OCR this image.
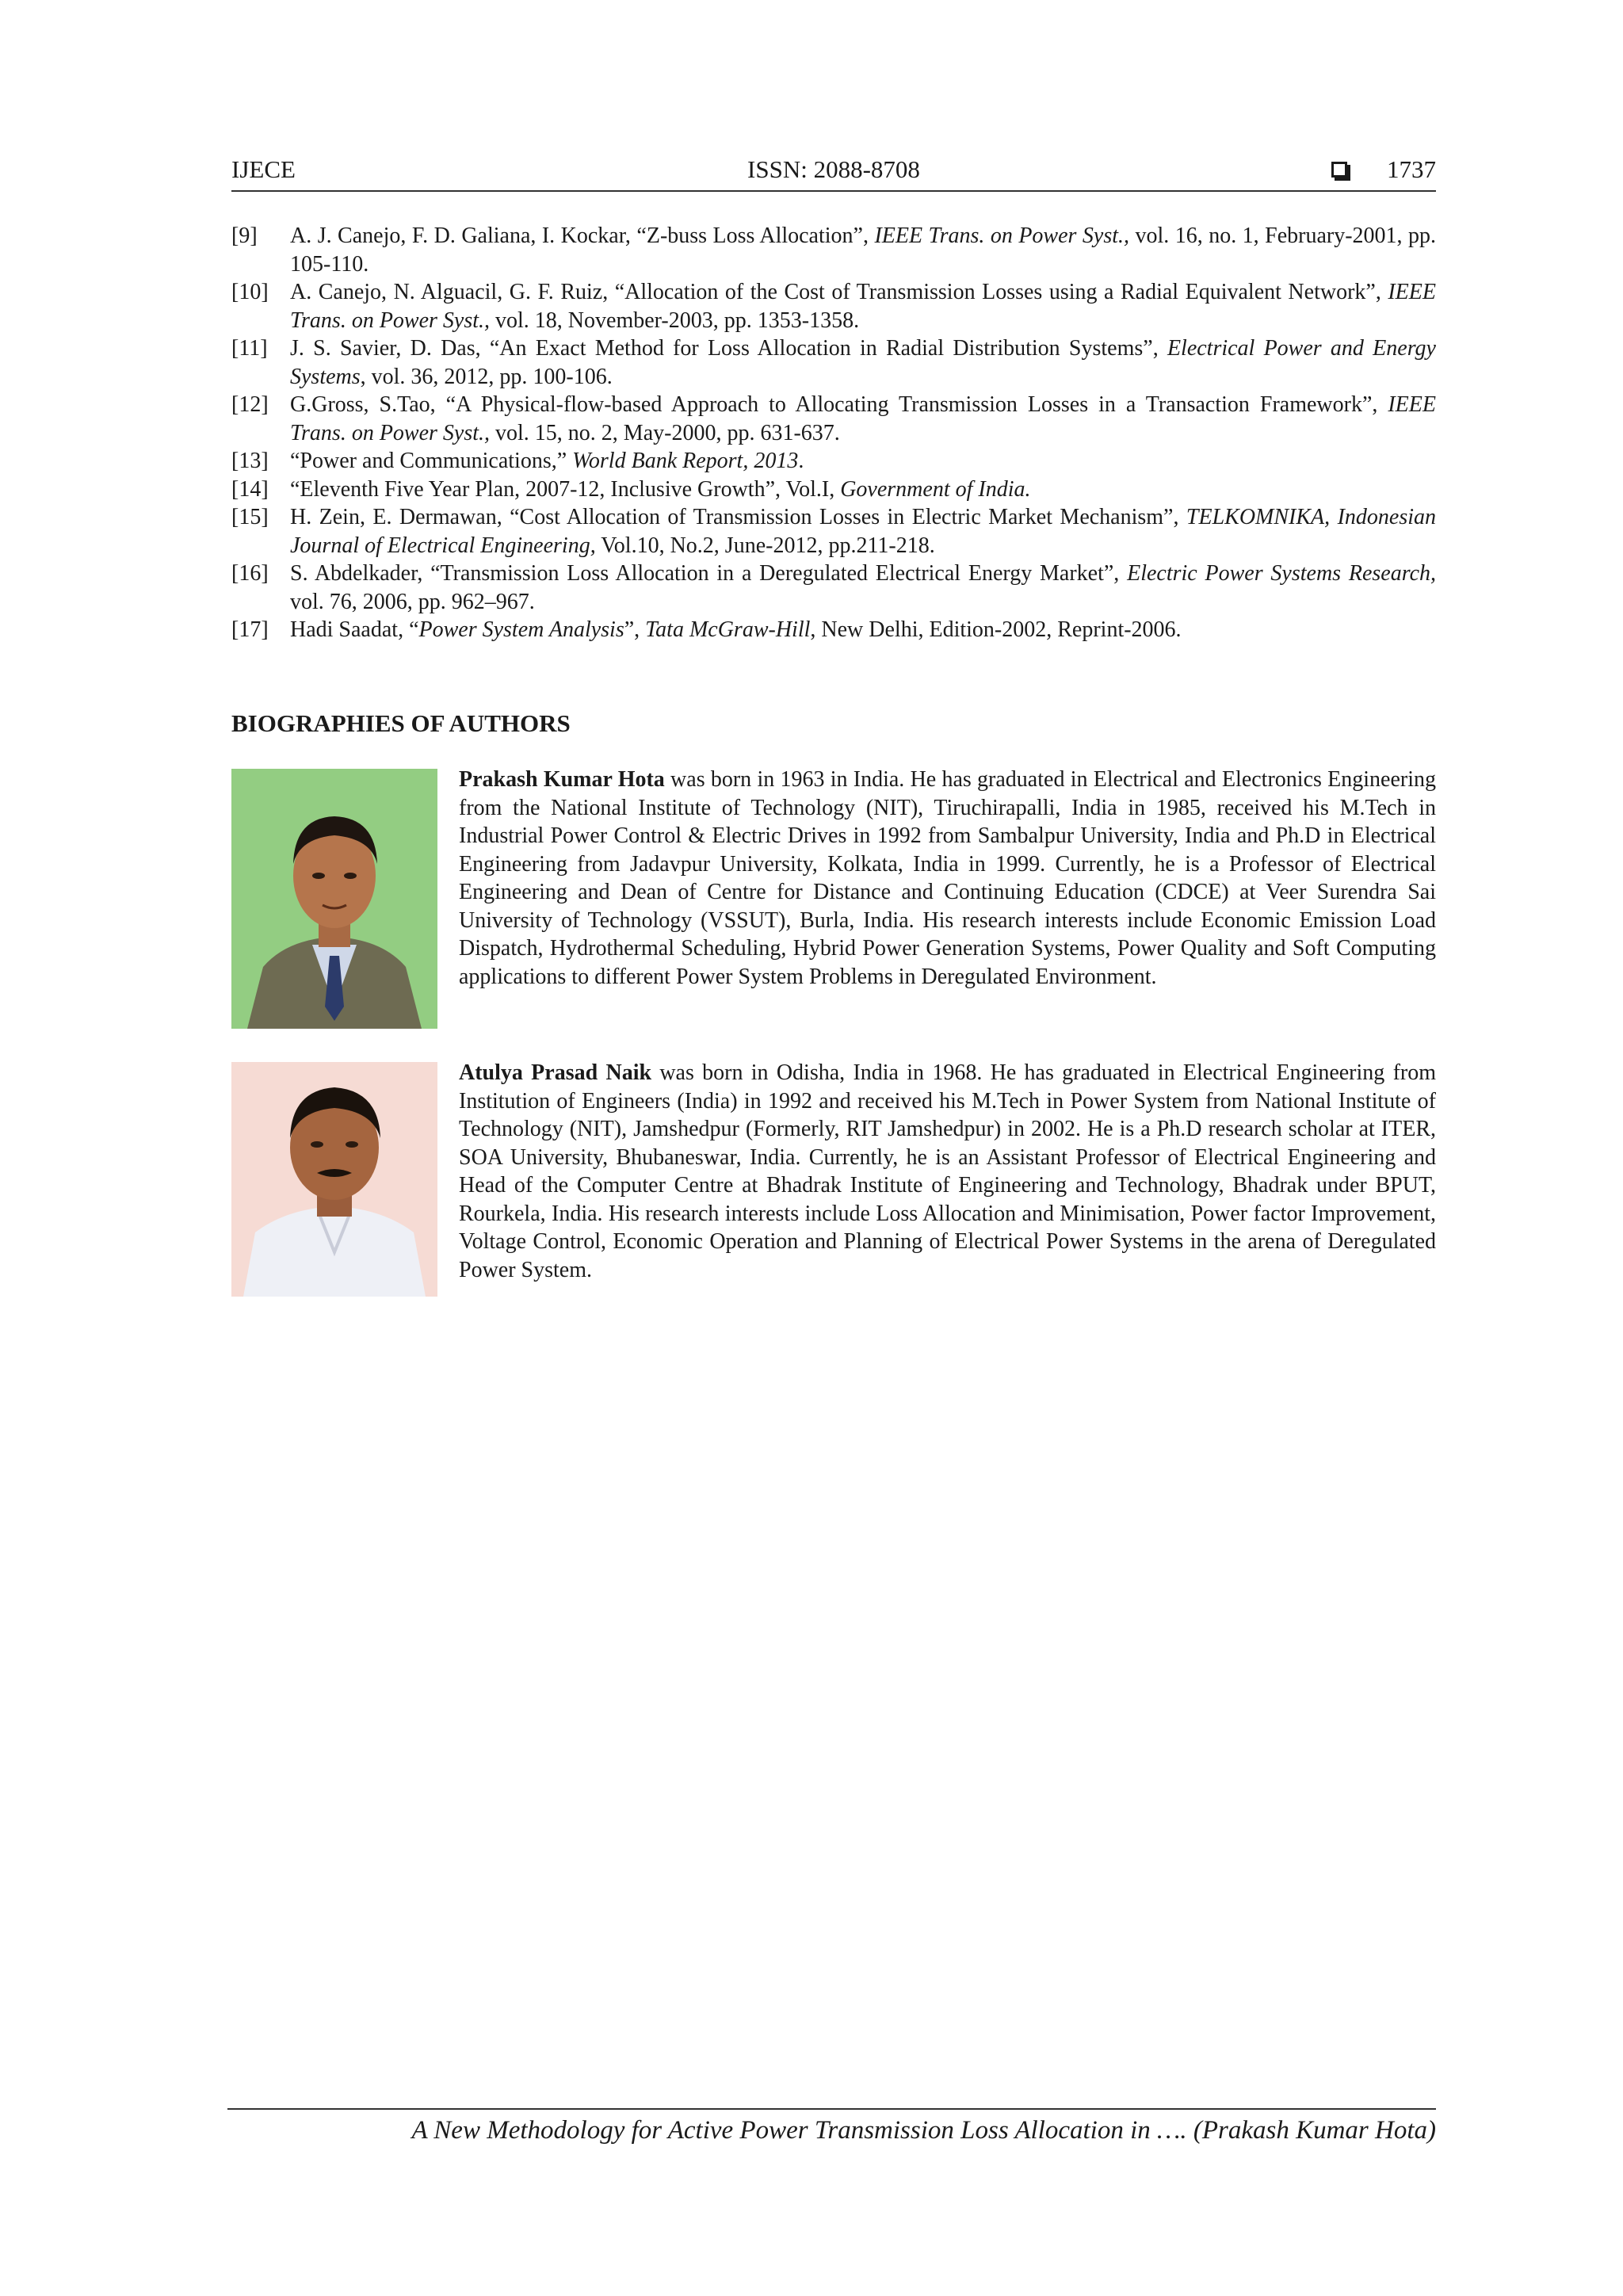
IJECE	ISSN: 2088-8708	1737
[9]	A. J. Canejo, F. D. Galiana, I. Kockar, “Z-buss Loss Allocation”, IEEE Trans. on Power Syst., vol. 16, no. 1, February-2001, pp. 105-110.
[10] A. Canejo, N. Alguacil, G. F. Ruiz, “Allocation of the Cost of Transmission Losses using a Radial Equivalent Network”, IEEE Trans. on Power Syst., vol. 18, November-2003, pp. 1353-1358.
[11]	J. S. Savier, D. Das, “An Exact Method for Loss Allocation in Radial Distribution Systems”, Electrical Power and Energy Systems, vol. 36, 2012, pp. 100-106.
[12] G.Gross, S.Tao, “A Physical-flow-based Approach to Allocating Transmission Losses in a Transaction Framework”, IEEE Trans. on Power Syst., vol. 15, no. 2, May-2000, pp. 631-637.
[13] “Power and Communications,” World Bank Report, 2013.
[14] “Eleventh Five Year Plan, 2007-12, Inclusive Growth”, Vol.I, Government of India.
[15] H. Zein, E. Dermawan, “Cost Allocation of Transmission Losses in Electric Market Mechanism”, TELKOMNIKA, Indonesian Journal of Electrical Engineering, Vol.10, No.2, June-2012, pp.211-218.
[16] S. Abdelkader, “Transmission Loss Allocation in a Deregulated Electrical Energy Market”, Electric Power Systems Research, vol. 76, 2006, pp. 962–967.
[17] Hadi Saadat, “Power System Analysis”, Tata McGraw-Hill, New Delhi, Edition-2002, Reprint-2006.
BIOGRAPHIES OF AUTHORS
Prakash Kumar Hota was born in 1963 in India. He has graduated in Electrical and Electronics Engineering from the National Institute of Technology (NIT), Tiruchirapalli, India in 1985, received his M.Tech in Industrial Power Control & Electric Drives in 1992 from Sambalpur University, India and Ph.D in Electrical Engineering from Jadavpur University, Kolkata, India in 1999. Currently, he is a Professor of Electrical Engineering and Dean of Centre for Distance and Continuing Education (CDCE) at Veer Surendra Sai University of Technology (VSSUT), Burla, India. His research interests include Economic Emission Load Dispatch, Hydrothermal Scheduling, Hybrid Power Generation Systems, Power Quality and Soft Computing applications to different Power System Problems in Deregulated Environment.
Atulya Prasad Naik was born in Odisha, India in 1968. He has graduated in Electrical Engineering from Institution of Engineers (India) in 1992 and received his M.Tech in Power System from National Institute of Technology (NIT), Jamshedpur (Formerly, RIT Jamshedpur) in 2002. He is a Ph.D research scholar at ITER, SOA University, Bhubaneswar, India. Currently, he is an Assistant Professor of Electrical Engineering and Head of the Computer Centre at Bhadrak Institute of Engineering and Technology, Bhadrak under BPUT, Rourkela, India. His research interests include Loss Allocation and Minimisation, Power factor Improvement, Voltage Control, Economic Operation and Planning of Electrical Power Systems in the arena of Deregulated Power System.
A New Methodology for Active Power Transmission Loss Allocation in …. (Prakash Kumar Hota)
